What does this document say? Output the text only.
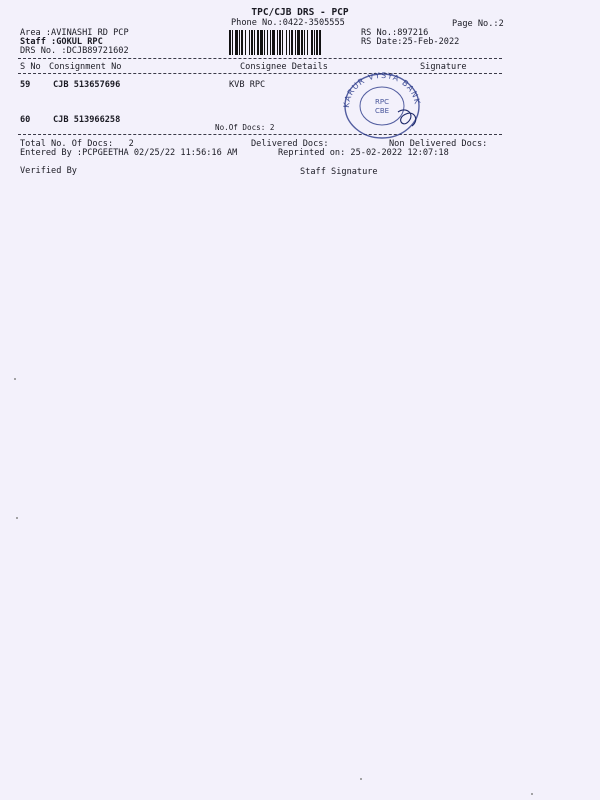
TPC/CJB DRS - PCP
Phone No.:0422-3505555	Page No.:2
Area :AVINASHI RD PCP
Staff :GOKUL RPC
DRS No. :DCJB89721602
RS No.:897216
RS Date:25-Feb-2022
S No Consignment No	Consignee Details	Signature
59	CJB 513657696	KVB RPC
60	CJB 513966258
No.Of Docs: 2
KARUR VYSYA BANK
RPC
CBE
Total No. Of Docs:   2	Delivered Docs:	Non Delivered Docs:
Entered By :PCPGEETHA 02/25/22 11:56:16 AM	Reprinted on: 25-02-2022 12:07:18
Verified By	Staff Signature
